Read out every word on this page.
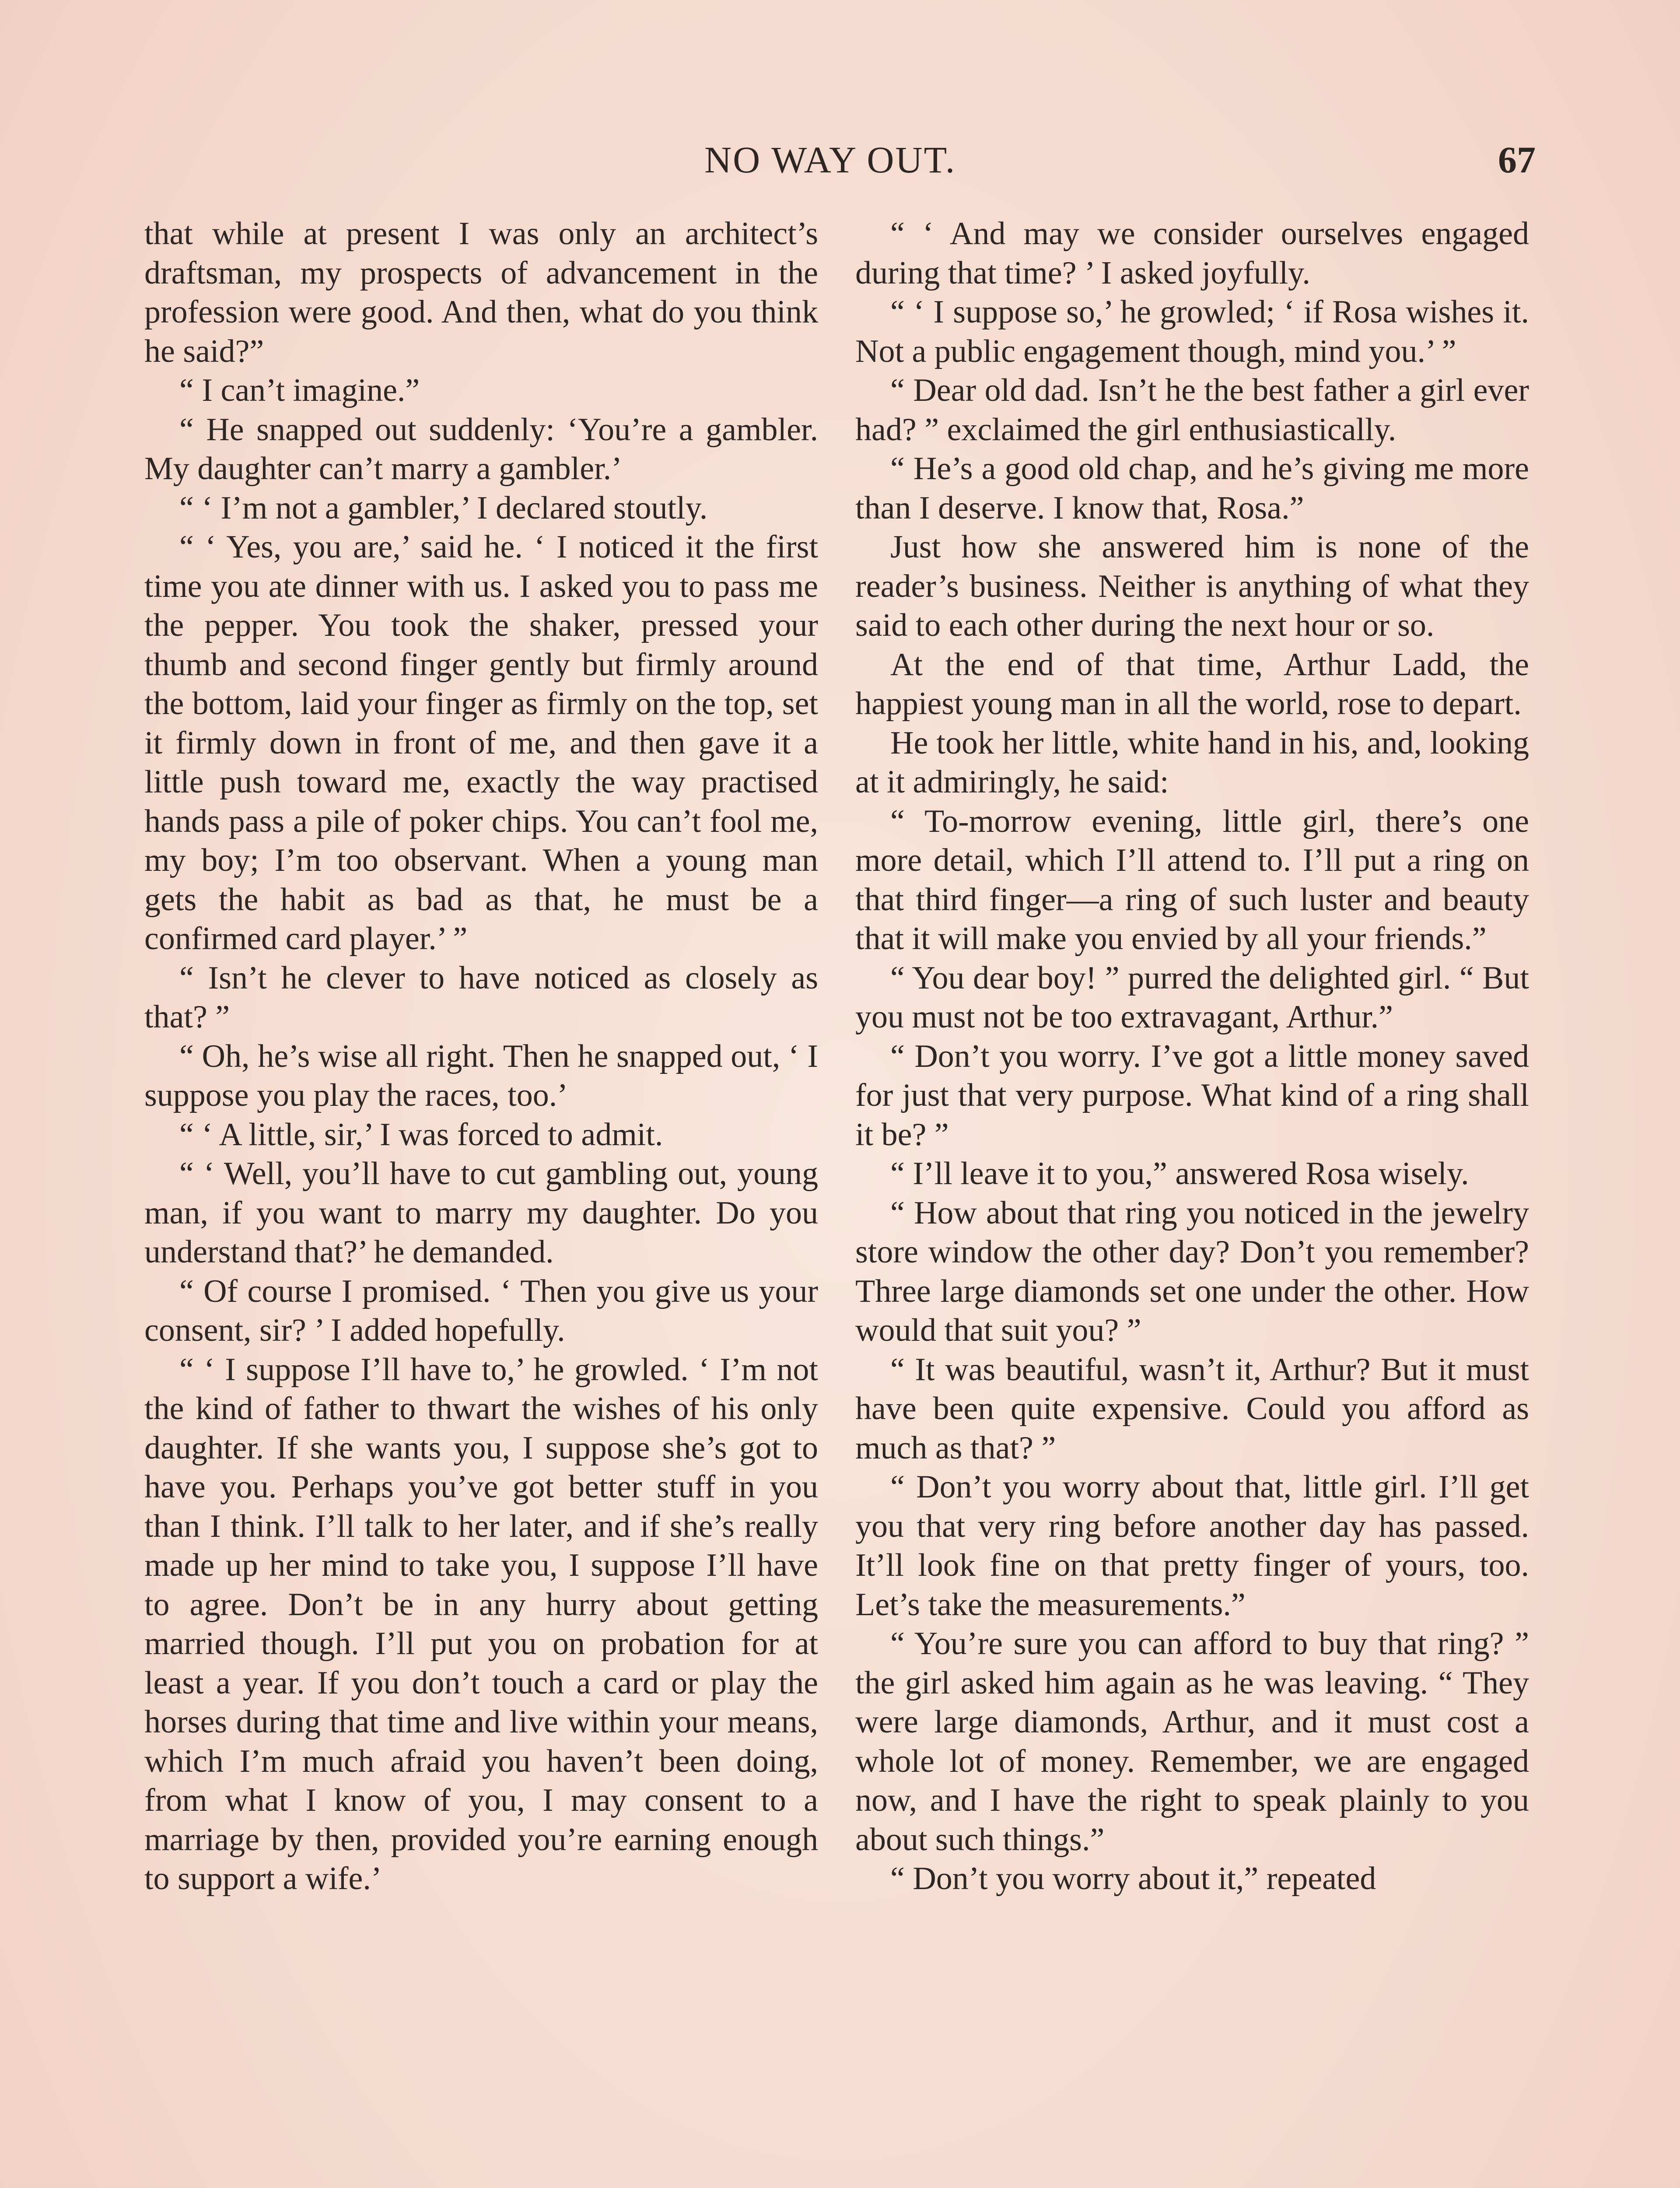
NO WAY OUT.	67

that while at present I was only an architect’s draftsman, my prospects of advancement in the profession were good. And then, what do you think he said?”

“ I can’t imagine.”

“ He snapped out suddenly: ‘You’re a gambler. My daughter can’t marry a gambler.’

“ ‘ I’m not a gambler,’ I declared stoutly.

“ ‘ Yes, you are,’ said he. ‘ I noticed it the first time you ate dinner with us. I asked you to pass me the pepper. You took the shaker, pressed your thumb and second finger gently but firmly around the bottom, laid your finger as firmly on the top, set it firmly down in front of me, and then gave it a little push toward me, exactly the way practised hands pass a pile of poker chips. You can’t fool me, my boy; I’m too observant. When a young man gets the habit as bad as that, he must be a confirmed card player.’ ”

“ Isn’t he clever to have noticed as closely as that? ”

“ Oh, he’s wise all right. Then he snapped out, ‘ I suppose you play the races, too.’

“ ‘ A little, sir,’ I was forced to admit.

“ ‘ Well, you’ll have to cut gambling out, young man, if you want to marry my daughter. Do you understand that?’ he demanded.

“ Of course I promised. ‘ Then you give us your consent, sir? ’ I added hopefully.

“ ‘ I suppose I’ll have to,’ he growled. ‘ I’m not the kind of father to thwart the wishes of his only daughter. If she wants you, I suppose she’s got to have you. Perhaps you’ve got better stuff in you than I think. I’ll talk to her later, and if she’s really made up her mind to take you, I suppose I’ll have to agree. Don’t be in any hurry about getting married though. I’ll put you on probation for at least a year. If you don’t touch a card or play the horses during that time and live within your means, which I’m much afraid you haven’t been doing, from what I know of you, I may consent to a marriage by then, provided you’re earning enough to support a wife.’

“ ‘ And may we consider ourselves engaged during that time? ’ I asked joyfully.

“ ‘ I suppose so,’ he growled; ‘ if Rosa wishes it. Not a public engagement though, mind you.’ ”

“ Dear old dad. Isn’t he the best father a girl ever had? ” exclaimed the girl enthusiastically.

“ He’s a good old chap, and he’s giving me more than I deserve. I know that, Rosa.”

Just how she answered him is none of the reader’s business. Neither is anything of what they said to each other during the next hour or so.

At the end of that time, Arthur Ladd, the happiest young man in all the world, rose to depart.

He took her little, white hand in his, and, looking at it admiringly, he said:

“ To-morrow evening, little girl, there’s one more detail, which I’ll attend to. I’ll put a ring on that third finger—a ring of such luster and beauty that it will make you envied by all your friends.”

“ You dear boy! ” purred the delighted girl. “ But you must not be too extravagant, Arthur.”

“ Don’t you worry. I’ve got a little money saved for just that very purpose. What kind of a ring shall it be? ”

“ I’ll leave it to you,” answered Rosa wisely.

“ How about that ring you noticed in the jewelry store window the other day? Don’t you remember? Three large diamonds set one under the other. How would that suit you? ”

“ It was beautiful, wasn’t it, Arthur? But it must have been quite expensive. Could you afford as much as that? ”

“ Don’t you worry about that, little girl. I’ll get you that very ring before another day has passed. It’ll look fine on that pretty finger of yours, too. Let’s take the measurements.”

“ You’re sure you can afford to buy that ring? ” the girl asked him again as he was leaving. “ They were large diamonds, Arthur, and it must cost a whole lot of money. Remember, we are engaged now, and I have the right to speak plainly to you about such things.”

“ Don’t you worry about it,” repeated
